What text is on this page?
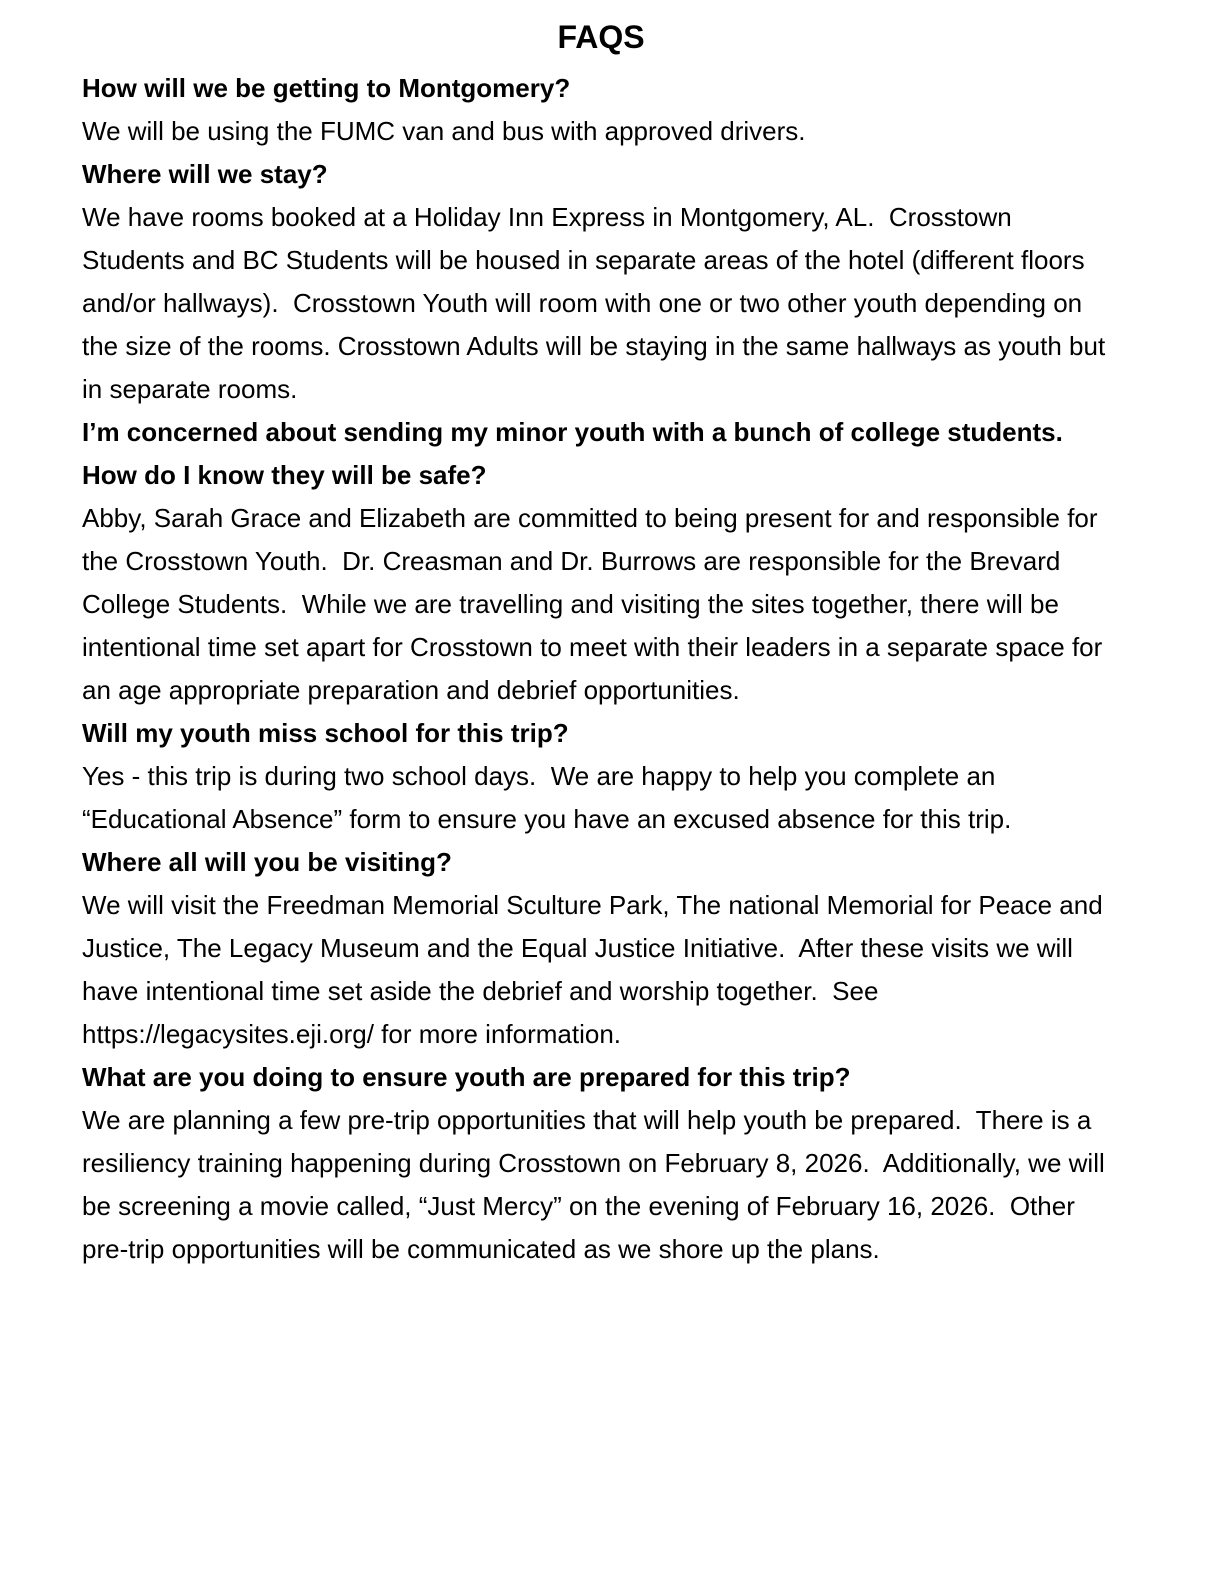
FAQS

How will we be getting to Montgomery?

We will be using the FUMC van and bus with approved drivers.

Where will we stay?

We have rooms booked at a Holiday Inn Express in Montgomery, AL.  Crosstown Students and BC Students will be housed in separate areas of the hotel (different floors and/or hallways).  Crosstown Youth will room with one or two other youth depending on the size of the rooms. Crosstown Adults will be staying in the same hallways as youth but in separate rooms.

I’m concerned about sending my minor youth with a bunch of college students.  How do I know they will be safe?

Abby, Sarah Grace and Elizabeth are committed to being present for and responsible for the Crosstown Youth.  Dr. Creasman and Dr. Burrows are responsible for the Brevard College Students.  While we are travelling and visiting the sites together, there will be intentional time set apart for Crosstown to meet with their leaders in a separate space for an age appropriate preparation and debrief opportunities.

Will my youth miss school for this trip?

Yes - this trip is during two school days.  We are happy to help you complete an “Educational Absence” form to ensure you have an excused absence for this trip.

Where all will you be visiting?

We will visit the Freedman Memorial Sculture Park, The national Memorial for Peace and Justice, The Legacy Museum and the Equal Justice Initiative.  After these visits we will have intentional time set aside the debrief and worship together.  See https://legacysites.eji.org/ for more information.

What are you doing to ensure youth are prepared for this trip?

We are planning a few pre-trip opportunities that will help youth be prepared.  There is a resiliency training happening during Crosstown on February 8, 2026.  Additionally, we will be screening a movie called, “Just Mercy” on the evening of February 16, 2026.  Other pre-trip opportunities will be communicated as we shore up the plans.
